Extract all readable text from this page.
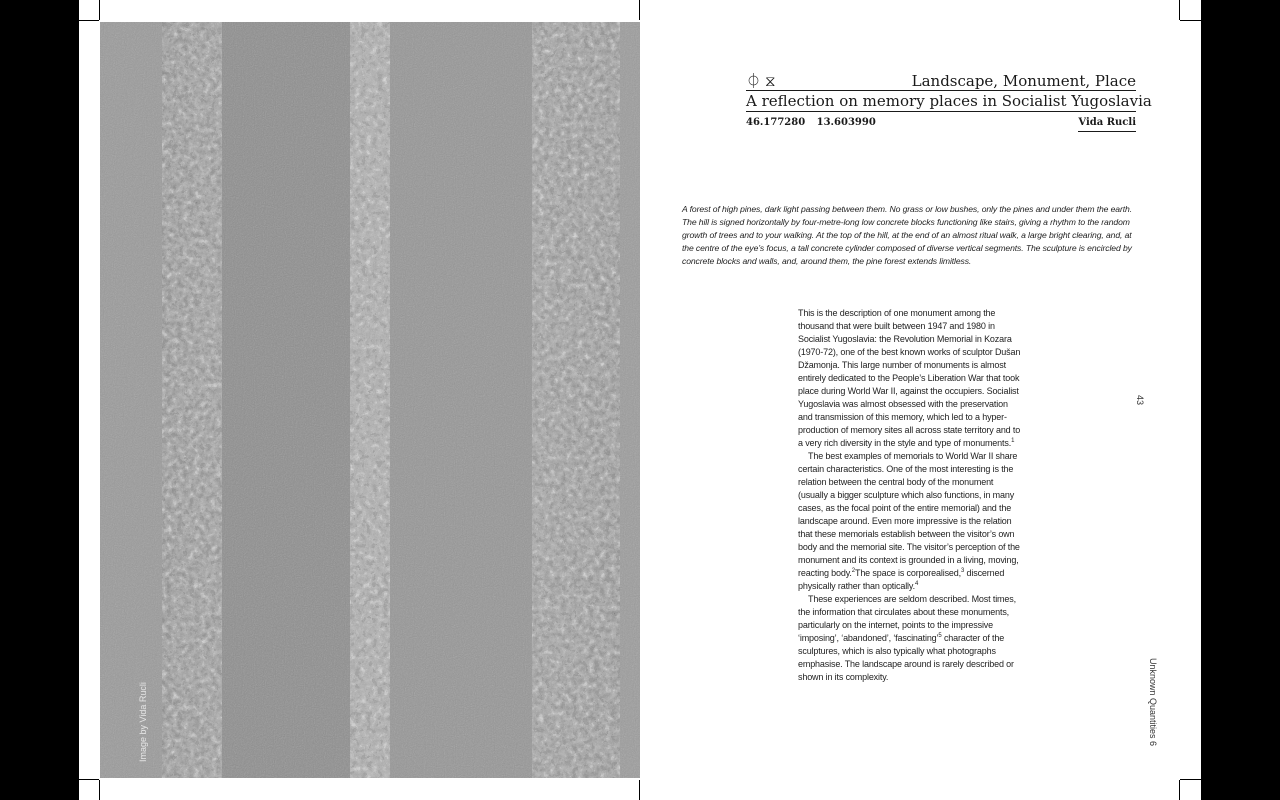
Image by Vida Rucli
⏀ ⧖	Landscape, Monument, Place
A reflection on memory places in Socialist Yugoslavia
46.177280 13.603990	Vida Rucli
A forest of high pines, dark light passing between them. No grass or low bushes, only the pines and under them the earth. The hill is signed horizontally by four-metre-long low concrete blocks functioning like stairs, giving a rhythm to the random growth of trees and to your walking. At the top of the hill, at the end of an almost ritual walk, a large bright clearing, and, at the centre of the eye’s focus, a tall concrete cylinder composed of diverse vertical segments. The sculpture is encircled by concrete blocks and walls, and, around them, the pine forest extends limitless.

This is the description of one monument among the thousand that were built between 1947 and 1980 in Socialist Yugoslavia: the Revolution Memorial in Kozara (1970-72), one of the best known works of sculptor Dušan Džamonja. This large number of monuments is almost entirely dedicated to the People’s Liberation War that took place during World War II, against the occupiers. Socialist Yugoslavia was almost obsessed with the preservation and transmission of this memory, which led to a hyper-production of memory sites all across state territory and to a very rich diversity in the style and type of monuments.$^1$

The best examples of memorials to World War II share certain characteristics. One of the most interesting is the relation between the central body of the monument (usually a bigger sculpture which also functions, in many cases, as the focal point of the entire memorial) and the landscape around. Even more impressive is the relation that these memorials establish between the visitor’s own body and the memorial site. The visitor’s perception of the monument and its context is grounded in a living, moving, reacting body.$^2$The space is corporealised,$^3$ discerned physically rather than optically.$^4$

These experiences are seldom described. Most times, the information that circulates about these monuments, particularly on the internet, points to the impressive ‘imposing’, ‘abandoned’, ‘fascinating’$^5$ character of the sculptures, which is also typically what photographs emphasise. The landscape around is rarely described or shown in its complexity.

43
Unknown Quantities 6
